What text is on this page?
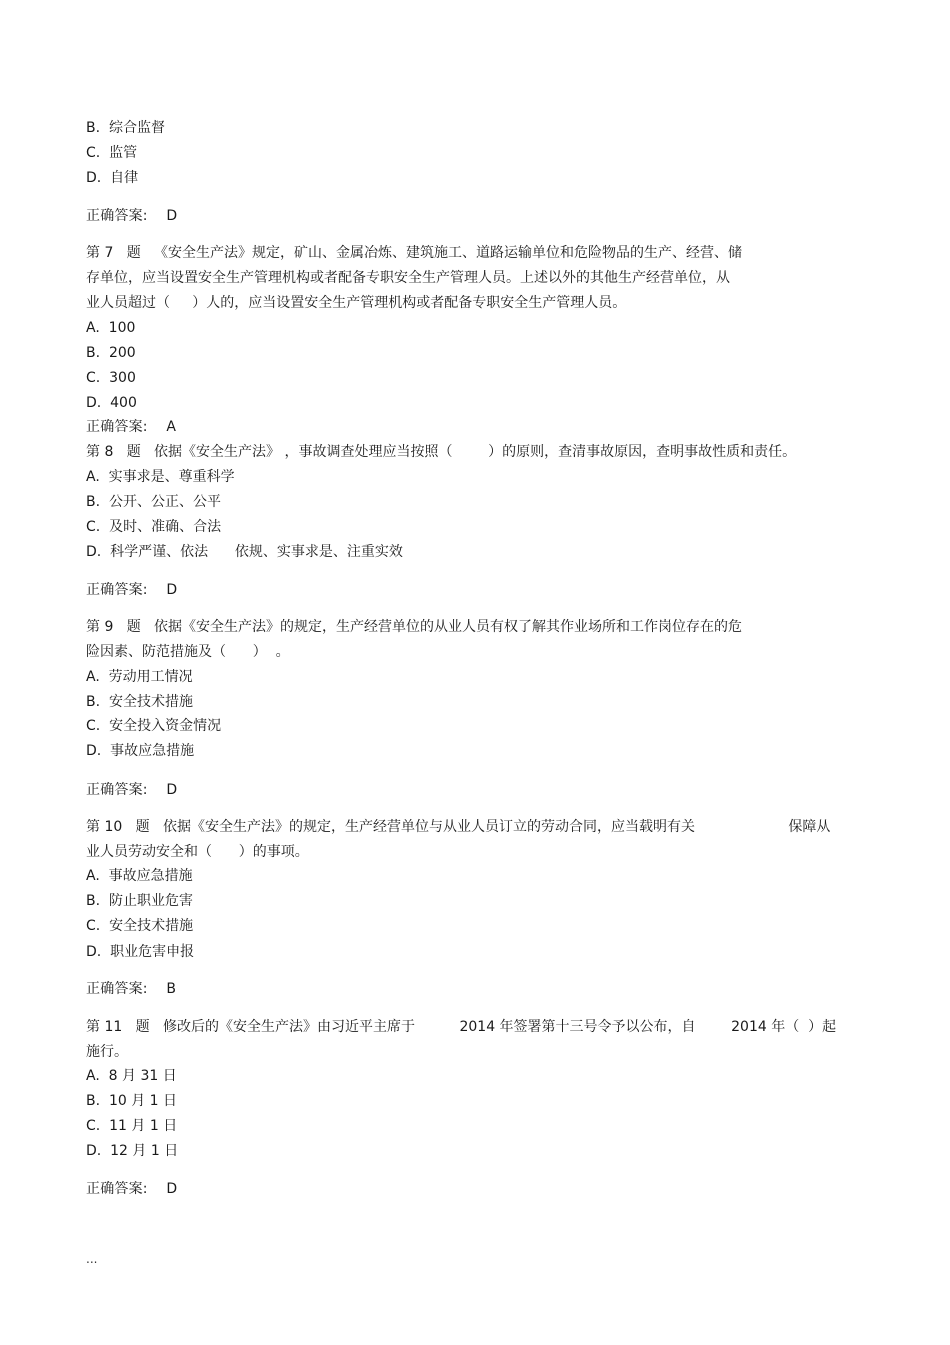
B.  综合监督
C.  监管
D.  自律
正确答案:    D
第 7   题   《安全生产法》规定，矿山、金属冶炼、建筑施工、道路运输单位和危险物品的生产、经营、储
存单位，应当设置安全生产管理机构或者配备专职安全生产管理人员。上述以外的其他生产经营单位，从
业人员超过（     ）人的，应当设置安全生产管理机构或者配备专职安全生产管理人员。
A.  100
B.  200
C.  300
D.  400
正确答案:    A
第 8   题   依据《安全生产法》 ，事故调查处理应当按照（        ）的原则，查清事故原因，查明事故性质和责任。
A.  实事求是、尊重科学
B.  公开、公正、公平
C.  及时、准确、合法
D.  科学严谨、依法      依规、实事求是、注重实效
正确答案:    D
第 9   题   依据《安全生产法》的规定，生产经营单位的从业人员有权了解其作业场所和工作岗位存在的危
险因素、防范措施及（      ）  。
A.  劳动用工情况
B.  安全技术措施
C.  安全投入资金情况
D.  事故应急措施
正确答案:    D
第 10   题   依据《安全生产法》的规定，生产经营单位与从业人员订立的劳动合同，应当载明有关                     保障从
业人员劳动安全和（      ）的事项。
A.  事故应急措施
B.  防止职业危害
C.  安全技术措施
D.  职业危害申报
正确答案:    B
第 11   题   修改后的《安全生产法》由习近平主席于          2014 年签署第十三号令予以公布，自        2014 年（  ）起
施行。
A.  8 月 31 日
B.  10 月 1 日
C.  11 月 1 日
D.  12 月 1 日
正确答案:    D
...
